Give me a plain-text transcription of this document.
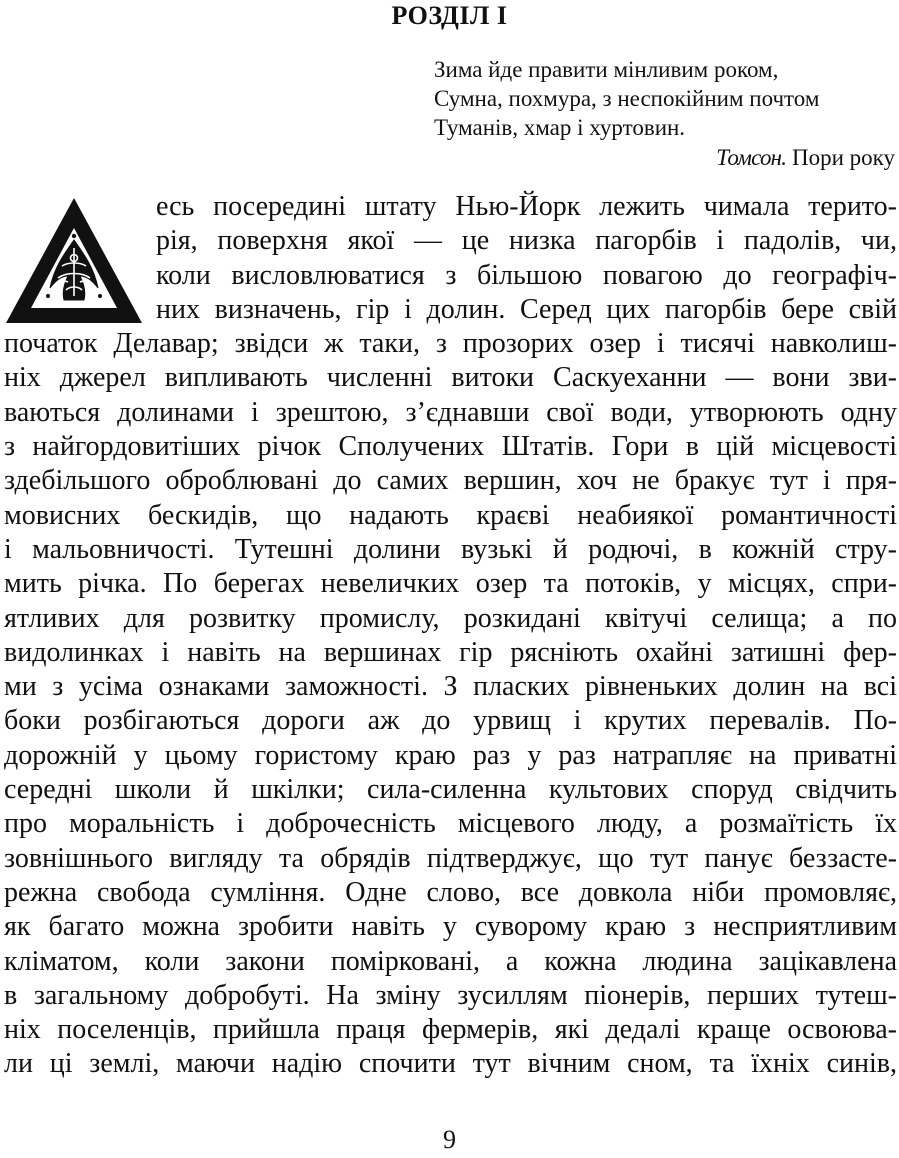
РОЗДІЛ І
Зима йде правити мінливим роком,
Сумна, похмура, з неспокійним почтом
Туманів, хмар і хуртовин.
Томсон. Пори року
есь посередині штату Нью-Йорк лежить чимала терито-
рія, поверхня якої — це низка пагорбів і падолів, чи,
коли висловлюватися з більшою повагою до географіч-
них визначень, гір і долин. Серед цих пагорбів бере свій
початок Делавар; звідси ж таки, з прозорих озер і тисячі навколиш-
ніх джерел випливають численні витоки Саскуеханни — вони зви-
ваються долинами і зрештою, з’єднавши свої води, утворюють одну
з найгордовитіших річок Сполучених Штатів. Гори в цій місцевості
здебільшого оброблювані до самих вершин, хоч не бракує тут і пря-
мовисних бескидів, що надають краєві неабиякої романтичності
і мальовничості. Тутешні долини вузькі й родючі, в кожній стру-
мить річка. По берегах невеличких озер та потоків, у місцях, спри-
ятливих для розвитку промислу, розкидані квітучі селища; а по
видолинках і навіть на вершинах гір рясніють охайні затишні фер-
ми з усіма ознаками заможності. З пласких рівненьких долин на всі
боки розбігаються дороги аж до урвищ і крутих перевалів. По-
дорожній у цьому гористому краю раз у раз натрапляє на приватні
середні школи й шкілки; сила-силенна культових споруд свідчить
про моральність і доброчесність місцевого люду, а розмаїтість їх
зовнішнього вигляду та обрядів підтверджує, що тут панує беззасте-
режна свобода сумління. Одне слово, все довкола ніби промовляє,
як багато можна зробити навіть у суворому краю з несприятливим
кліматом, коли закони помірковані, а кожна людина зацікавлена
в загальному добробуті. На зміну зусиллям піонерів, перших тутеш-
ніх поселенців, прийшла праця фермерів, які дедалі краще освоюва-
ли ці землі, маючи надію спочити тут вічним сном, та їхніх синів,
9
